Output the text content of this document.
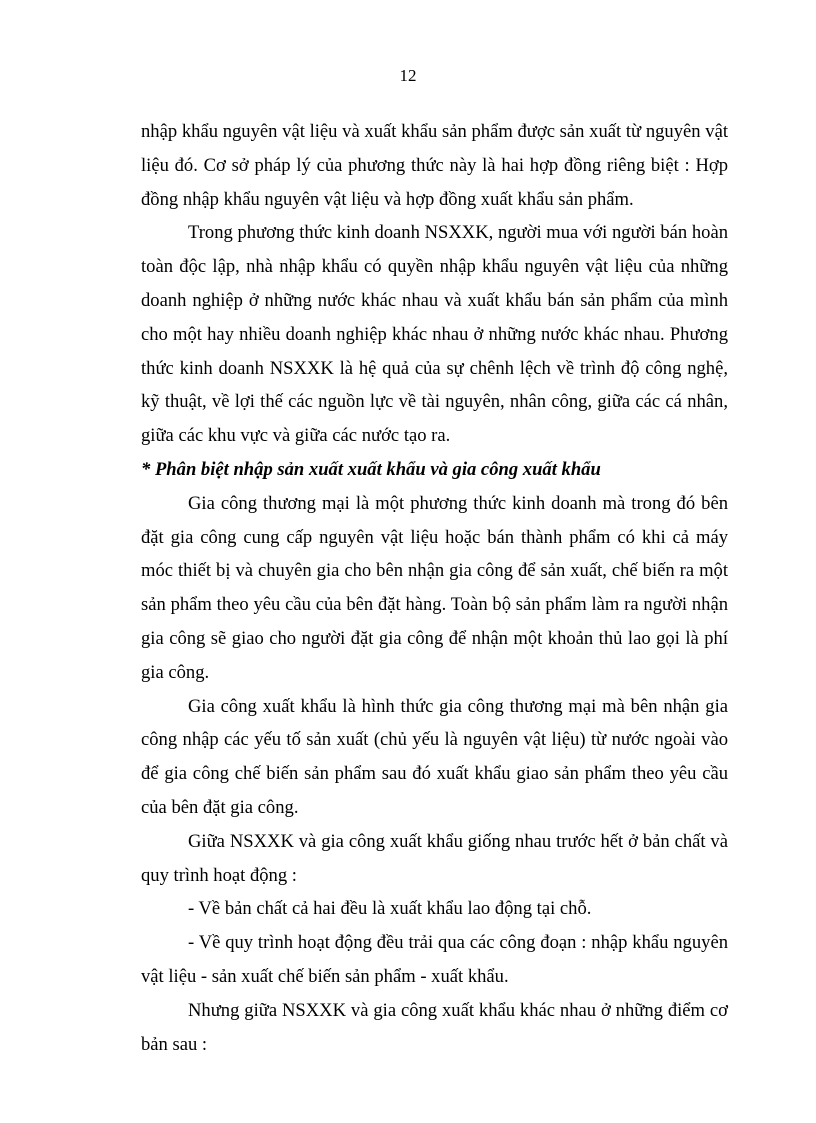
12

nhập khẩu nguyên vật liệu và xuất khẩu sản phẩm được sản xuất từ nguyên vật liệu đó. Cơ sở pháp lý của phương thức này là hai hợp đồng riêng biệt : Hợp đồng nhập khẩu nguyên vật liệu và hợp đồng xuất khẩu sản phẩm.

Trong phương thức kinh doanh NSXXK, người mua với người bán hoàn toàn độc lập, nhà nhập khẩu có quyền nhập khẩu nguyên vật liệu của những doanh nghiệp ở những nước khác nhau và xuất khẩu bán sản phẩm của mình cho một hay nhiều doanh nghiệp khác nhau ở những nước khác nhau. Phương thức kinh doanh NSXXK là hệ quả của sự chênh lệch về trình độ công nghệ, kỹ thuật, về lợi thế các nguồn lực về tài nguyên, nhân công, giữa các cá nhân, giữa các khu vực và giữa các nước tạo ra.

* Phân biệt nhập sản xuất xuất khẩu và gia công xuất khẩu

Gia công thương mại là một phương thức kinh doanh mà trong đó bên đặt gia công cung cấp nguyên vật liệu hoặc bán thành phẩm có khi cả máy móc thiết bị và chuyên gia cho bên nhận gia công để sản xuất, chế biến ra một sản phẩm theo yêu cầu của bên đặt hàng. Toàn bộ sản phẩm làm ra người nhận gia công sẽ giao cho người đặt gia công để nhận một khoản thủ lao gọi là phí gia công.

Gia công xuất khẩu là hình thức gia công thương mại mà bên nhận gia công nhập các yếu tố sản xuất (chủ yếu là nguyên vật liệu) từ nước ngoài vào để gia công chế biến sản phẩm sau đó xuất khẩu giao sản phẩm theo yêu cầu của bên đặt gia công.

Giữa NSXXK và gia công xuất khẩu giống nhau trước hết ở bản chất và quy trình hoạt động :

- Về bản chất cả hai đều là xuất khẩu lao động tại chỗ.

- Về quy trình hoạt động đều trải qua các công đoạn : nhập khẩu nguyên vật liệu - sản xuất chế biến sản phẩm - xuất khẩu.

Nhưng giữa NSXXK và gia công xuất khẩu khác nhau ở những điểm cơ bản sau :
